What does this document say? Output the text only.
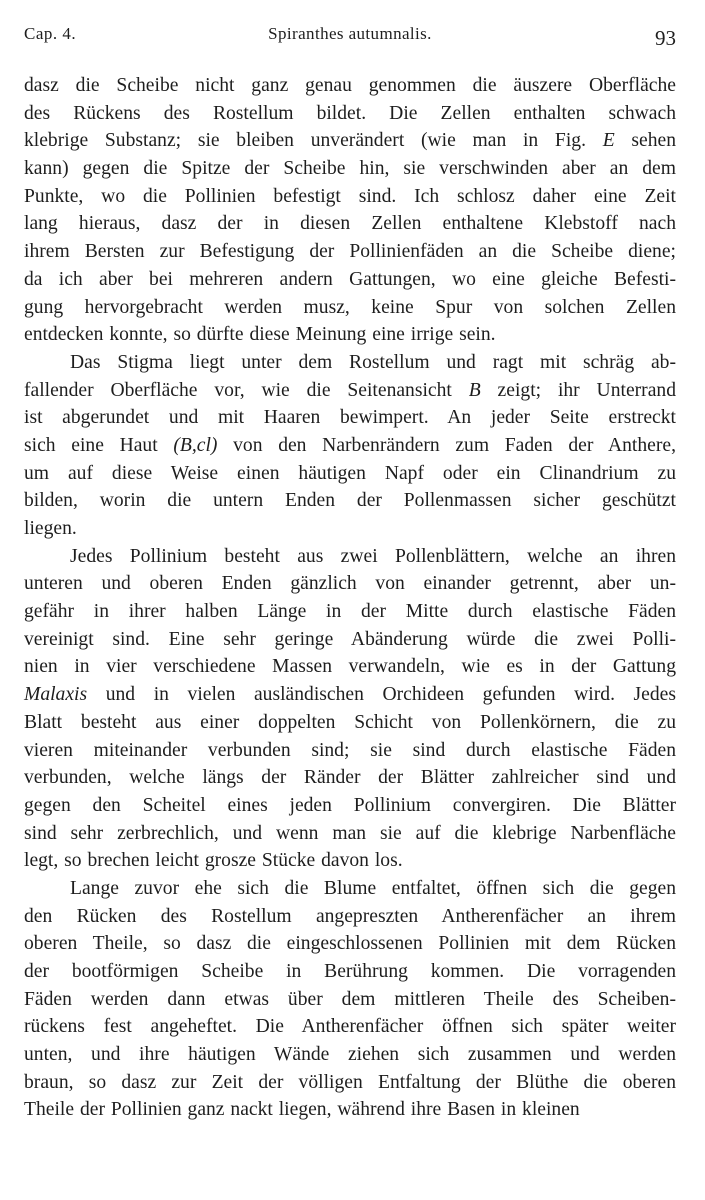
Cap. 4.	Spiranthes autumnalis.	93
dasz die Scheibe nicht ganz genau genommen die äuszere Oberfläche
des Rückens des Rostellum bildet. Die Zellen enthalten schwach
klebrige Substanz; sie bleiben unverändert (wie man in Fig. E sehen
kann) gegen die Spitze der Scheibe hin, sie verschwinden aber an dem
Punkte, wo die Pollinien befestigt sind. Ich schlosz daher eine Zeit
lang hieraus, dasz der in diesen Zellen enthaltene Klebstoff nach
ihrem Bersten zur Befestigung der Pollinienfäden an die Scheibe diene;
da ich aber bei mehreren andern Gattungen, wo eine gleiche Befesti-
gung hervorgebracht werden musz, keine Spur von solchen Zellen
entdecken konnte, so dürfte diese Meinung eine irrige sein.
Das Stigma liegt unter dem Rostellum und ragt mit schräg ab-
fallender Oberfläche vor, wie die Seitenansicht B zeigt; ihr Unterrand
ist abgerundet und mit Haaren bewimpert. An jeder Seite erstreckt
sich eine Haut (B,cl) von den Narbenrändern zum Faden der Anthere,
um auf diese Weise einen häutigen Napf oder ein Clinandrium zu
bilden, worin die untern Enden der Pollenmassen sicher geschützt
liegen.
Jedes Pollinium besteht aus zwei Pollenblättern, welche an ihren
unteren und oberen Enden gänzlich von einander getrennt, aber un-
gefähr in ihrer halben Länge in der Mitte durch elastische Fäden
vereinigt sind. Eine sehr geringe Abänderung würde die zwei Polli-
nien in vier verschiedene Massen verwandeln, wie es in der Gattung
Malaxis und in vielen ausländischen Orchideen gefunden wird. Jedes
Blatt besteht aus einer doppelten Schicht von Pollenkörnern, die zu
vieren miteinander verbunden sind; sie sind durch elastische Fäden
verbunden, welche längs der Ränder der Blätter zahlreicher sind und
gegen den Scheitel eines jeden Pollinium convergiren. Die Blätter
sind sehr zerbrechlich, und wenn man sie auf die klebrige Narbenfläche
legt, so brechen leicht grosze Stücke davon los.
Lange zuvor ehe sich die Blume entfaltet, öffnen sich die gegen
den Rücken des Rostellum angepreszten Antherenfächer an ihrem
oberen Theile, so dasz die eingeschlossenen Pollinien mit dem Rücken
der bootförmigen Scheibe in Berührung kommen. Die vorragenden
Fäden werden dann etwas über dem mittleren Theile des Scheiben-
rückens fest angeheftet. Die Antherenfächer öffnen sich später weiter
unten, und ihre häutigen Wände ziehen sich zusammen und werden
braun, so dasz zur Zeit der völligen Entfaltung der Blüthe die oberen
Theile der Pollinien ganz nackt liegen, während ihre Basen in kleinen
